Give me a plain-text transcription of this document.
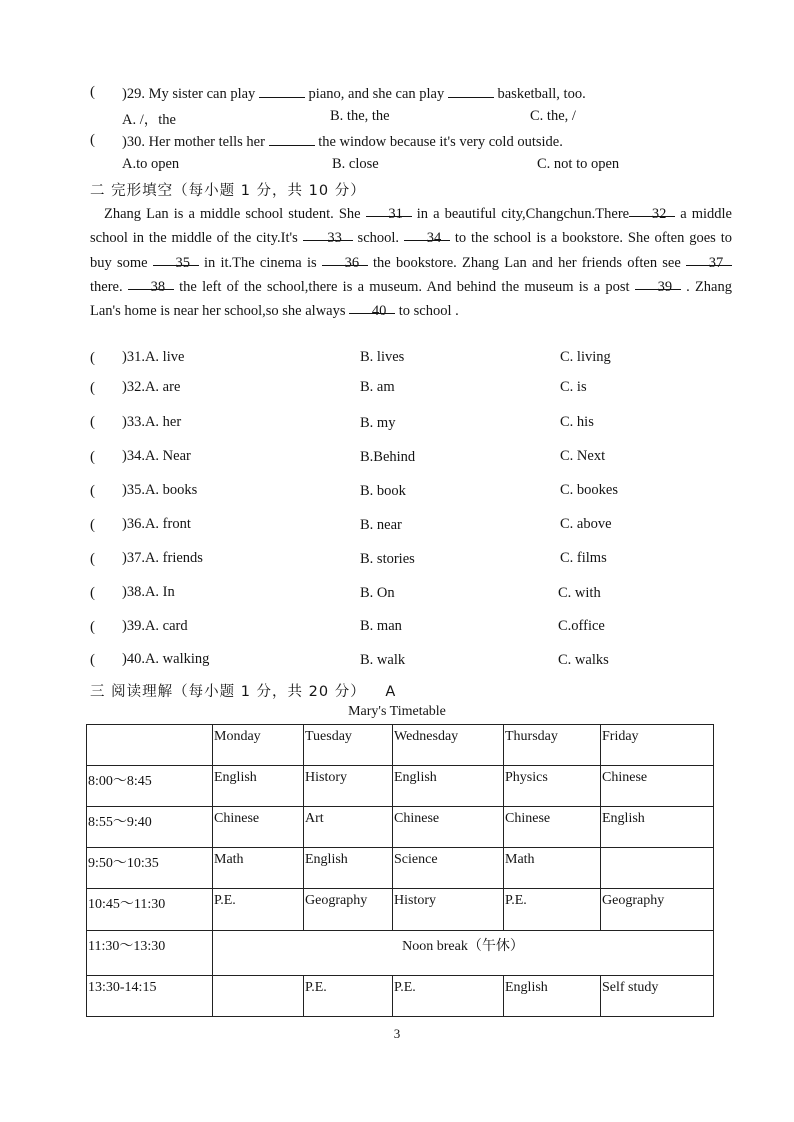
( )29. My sister can play	piano, and she can play	basketball, too.
A. /，the	B. the, the	C. the, /
( )30. Her mother tells her	the window because it's very cold outside.
A.to open	B. close	C. not to open
二 完形填空（每小题 1 分，共 10 分）

Zhang Lan is a middle school student. She 31 in a beautiful city,Changchun.There 32 a middle school in the middle of the city.It's 33 school. 34 to the school is a bookstore. She often goes to buy some 35 in it.The cinema is 36 the bookstore. Zhang Lan and her friends often see 37 there. 38 the left of the school,there is a museum. And behind the museum is a post 39 . Zhang Lan's home is near her school,so she always 40 to school .

( )31.A. live	B. lives	C. living
( )32.A. are	B. am	C. is
( )33.A. her	B. my	C. his
( )34.A. Near	B.Behind	C. Next
( )35.A. books	B. book	C. bookes
( )36.A. front	B. near	C. above
( )37.A. friends	B. stories	C. films
( )38.A. In	B. On	C. with
( )39.A. card	B. man	C.office
( )40.A. walking	B. walk	C. walks
三 阅读理解（每小题 1 分，共 20 分） A
Mary's Timetable
	Monday	Tuesday	Wednesday	Thursday	Friday
8:00～8:45	English	History	English	Physics	Chinese
8:55～9:40	Chinese	Art	Chinese	Chinese	English
9:50～10:35	Math	English	Science	Math	
10:45～11:30	P.E.	Geography	History	P.E.	Geography
11:30～13:30	Noon break（午休）				
13:30-14:15		P.E.	P.E.	English	Self study
3
